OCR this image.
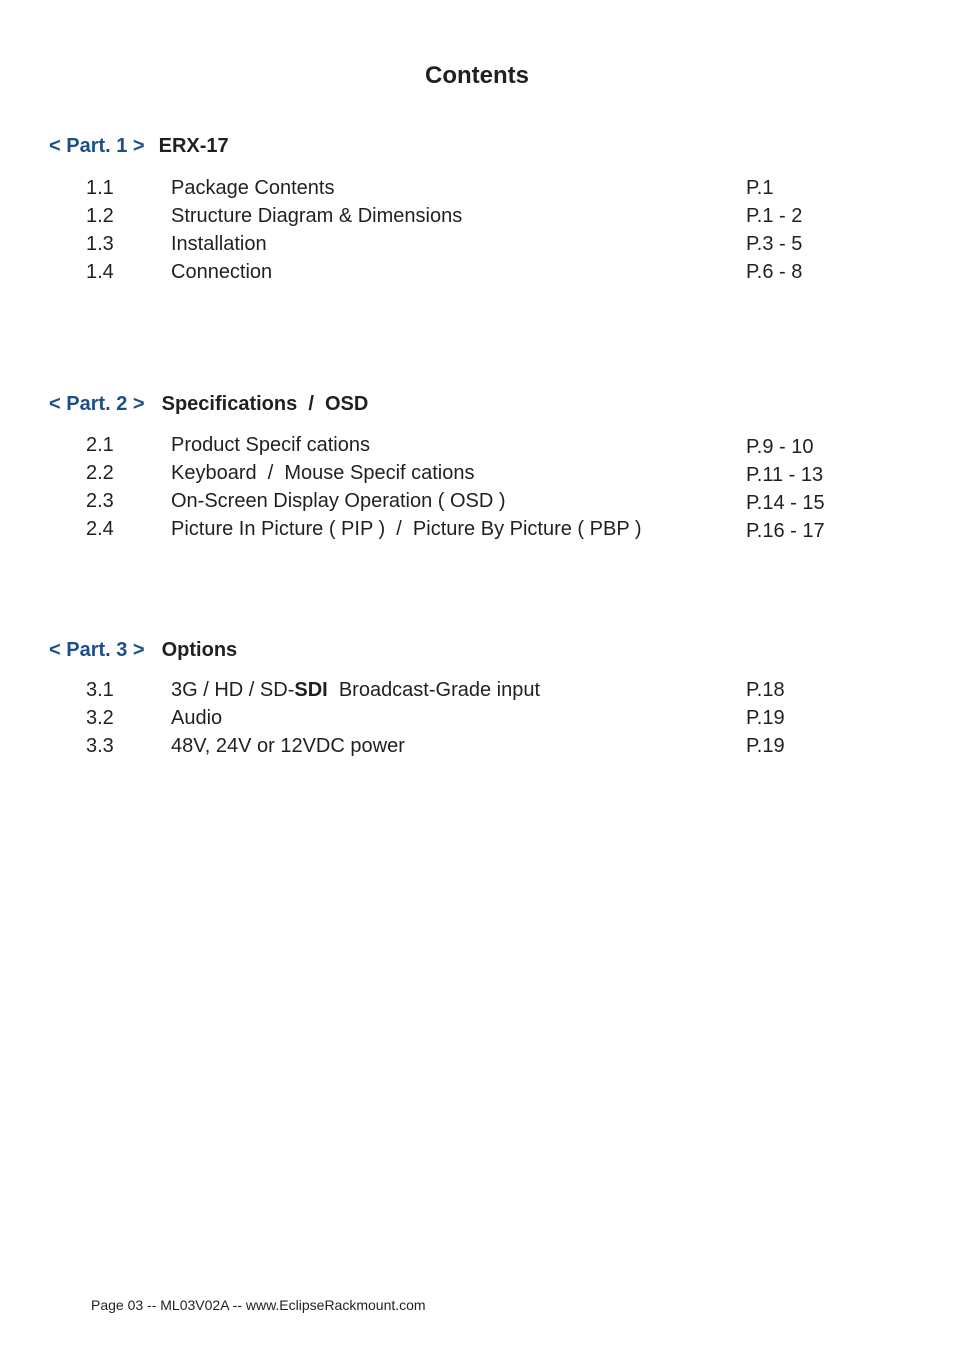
Contents
< Part. 1 > ERX-17
1.1	Package Contents	P.1
1.2	Structure Diagram & Dimensions	P.1 - 2
1.3	Installation	P.3 - 5
1.4	Connection	P.6 - 8
< Part. 2 > Specifications  /  OSD
2.1	Product Specif cations	P.9 - 10
2.2	Keyboard  /  Mouse Specif cations	P.11 - 13
2.3	On-Screen Display Operation ( OSD )	P.14 - 15
2.4	Picture In Picture ( PIP )  /  Picture By Picture ( PBP )	P.16 - 17
< Part. 3 > Options
3.1	3G / HD / SD-SDI  Broadcast-Grade input	P.18
3.2	Audio	P.19
3.3	48V, 24V or 12VDC power	P.19
Page 03 -- ML03V02A -- www.EclipseRackmount.com
